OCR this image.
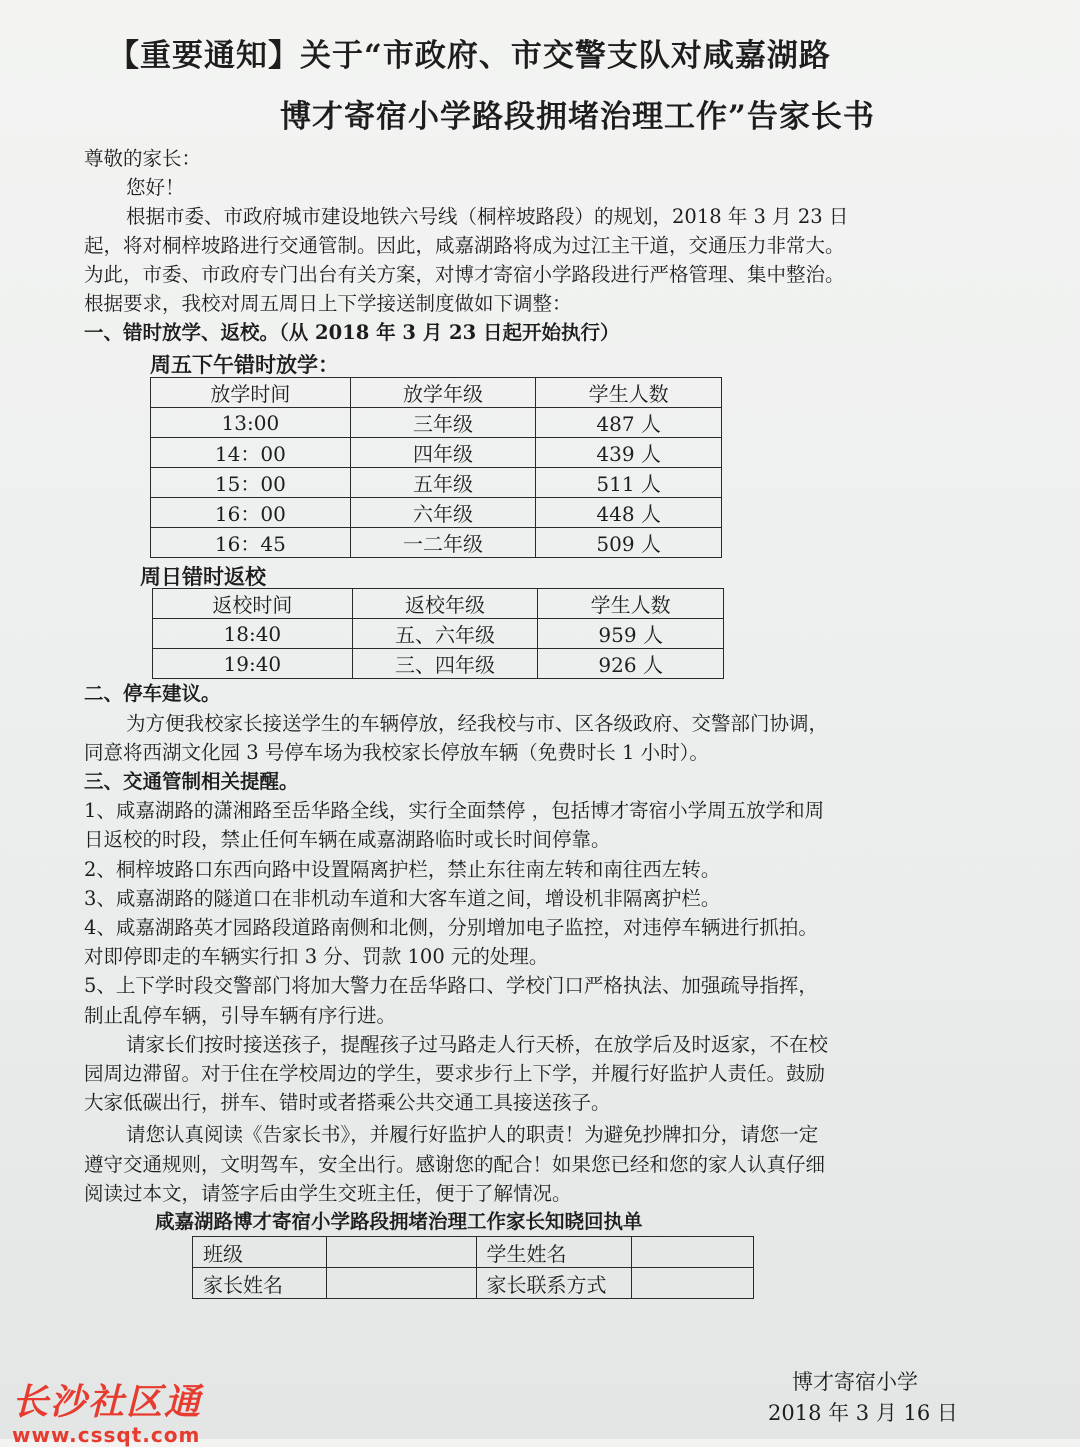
【重要通知】关于“市政府、市交警支队对咸嘉湖路
博才寄宿小学路段拥堵治理工作”告家长书
尊敬的家长：
您好！
根据市委、市政府城市建设地铁六号线（桐梓坡路段）的规划，2018 年 3 月 23 日
起，将对桐梓坡路进行交通管制。因此，咸嘉湖路将成为过江主干道，交通压力非常大。
为此，市委、市政府专门出台有关方案，对博才寄宿小学路段进行严格管理、集中整治。
根据要求，我校对周五周日上下学接送制度做如下调整：
一、错时放学、返校。（从 2018 年 3 月 23 日起开始执行）
周五下午错时放学：
放学时间	放学年级	学生人数
13:00	三年级	487 人
14：00	四年级	439 人
15：00	五年级	511 人
16：00	六年级	448 人
16：45	一二年级	509 人
周日错时返校
返校时间	返校年级	学生人数
18:40	五、六年级	959 人
19:40	三、四年级	926 人
二、停车建议。
为方便我校家长接送学生的车辆停放，经我校与市、区各级政府、交警部门协调，
同意将西湖文化园 3 号停车场为我校家长停放车辆（免费时长 1 小时）。
三、交通管制相关提醒。
1、咸嘉湖路的潇湘路至岳华路全线，实行全面禁停 ，包括博才寄宿小学周五放学和周
日返校的时段，禁止任何车辆在咸嘉湖路临时或长时间停靠。
2、桐梓坡路口东西向路中设置隔离护栏，禁止东往南左转和南往西左转。
3、咸嘉湖路的隧道口在非机动车道和大客车道之间，增设机非隔离护栏。
4、咸嘉湖路英才园路段道路南侧和北侧，分别增加电子监控，对违停车辆进行抓拍。
对即停即走的车辆实行扣 3 分、罚款 100 元的处理。
5、上下学时段交警部门将加大警力在岳华路口、学校门口严格执法、加强疏导指挥，
制止乱停车辆，引导车辆有序行进。
请家长们按时接送孩子，提醒孩子过马路走人行天桥，在放学后及时返家，不在校
园周边滞留。对于住在学校周边的学生，要求步行上下学，并履行好监护人责任。鼓励
大家低碳出行，拼车、错时或者搭乘公共交通工具接送孩子。
请您认真阅读《告家长书》，并履行好监护人的职责！为避免抄牌扣分，请您一定
遵守交通规则，文明驾车，安全出行。感谢您的配合！如果您已经和您的家人认真仔细
阅读过本文，请签字后由学生交班主任，便于了解情况。
咸嘉湖路博才寄宿小学路段拥堵治理工作家长知晓回执单
班级		学生姓名	
家长姓名		家长联系方式	
博才寄宿小学
2018 年 3 月 16 日
长沙社区通
www.cssqt.com
